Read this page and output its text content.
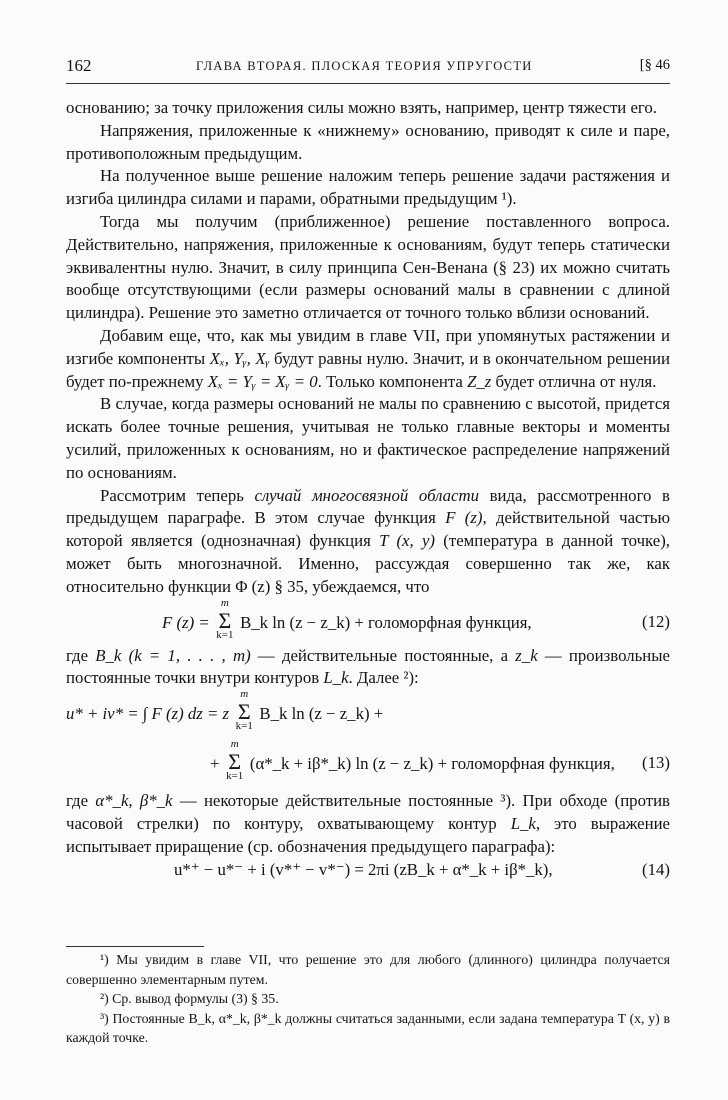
162	ГЛАВА ВТОРАЯ. ПЛОСКАЯ ТЕОРИЯ УПРУГОСТИ	[§ 46

основанию; за точку приложения силы можно взять, например, центр тяжести его.

Напряжения, приложенные к «нижнему» основанию, приводят к силе и паре, противоположным предыдущим.

На полученное выше решение наложим теперь решение задачи растяжения и изгиба цилиндра силами и парами, обратными предыдущим ¹).

Тогда мы получим (приближенное) решение поставленного вопроса. Действительно, напряжения, приложенные к основаниям, будут теперь статически эквивалентны нулю. Значит, в силу принципа Сен-Венана (§ 23) их можно считать вообще отсутствующими (если размеры оснований малы в сравнении с длиной цилиндра). Решение это заметно отличается от точного только вблизи оснований.

Добавим еще, что, как мы увидим в главе VII, при упомянутых растяжении и изгибе компоненты Xₓ, Yᵧ, Xᵧ будут равны нулю. Значит, и в окончательном решении будет по-прежнему Xₓ = Yᵧ = Xᵧ = 0. Только компонента Z_z будет отлична от нуля.

В случае, когда размеры оснований не малы по сравнению с высотой, придется искать более точные решения, учитывая не только главные векторы и моменты усилий, приложенных к основаниям, но и фактическое распределение напряжений по основаниям.

Рассмотрим теперь случай многосвязной области вида, рассмотренного в предыдущем параграфе. В этом случае функция F (z), действительной частью которой является (однозначная) функция T (x, y) (температура в данной точке), может быть многозначной. Именно, рассуждая совершенно так же, как относительно функции Φ (z) § 35, убеждаемся, что

F (z) =
m
Σ
k=1
B_k ln (z − z_k) + голоморфная функция,	(12)

где B_k (k = 1, . . . , m) — действительные постоянные, а z_k — произвольные постоянные точки внутри контуров L_k. Далее ²):

u* + iv* = ∫ F (z) dz = z
m
Σ
k=1
B_k ln (z − z_k) +
+
m
Σ
k=1
(α*_k + iβ*_k) ln (z − z_k) + голоморфная функция, (13)

где α*_k, β*_k — некоторые действительные постоянные ³). При обходе (против часовой стрелки) по контуру, охватывающему контур L_k, это выражение испытывает приращение (ср. обозначения предыдущего параграфа):

u*⁺ − u*⁻ + i (v*⁺ − v*⁻) = 2πi (zB_k + α*_k + iβ*_k),	(14)

¹) Мы увидим в главе VII, что решение это для любого (длинного) цилиндра получается совершенно элементарным путем.

²) Ср. вывод формулы (3) § 35.

³) Постоянные B_k, α*_k, β*_k должны считаться заданными, если задана температура T (x, y) в каждой точке.
